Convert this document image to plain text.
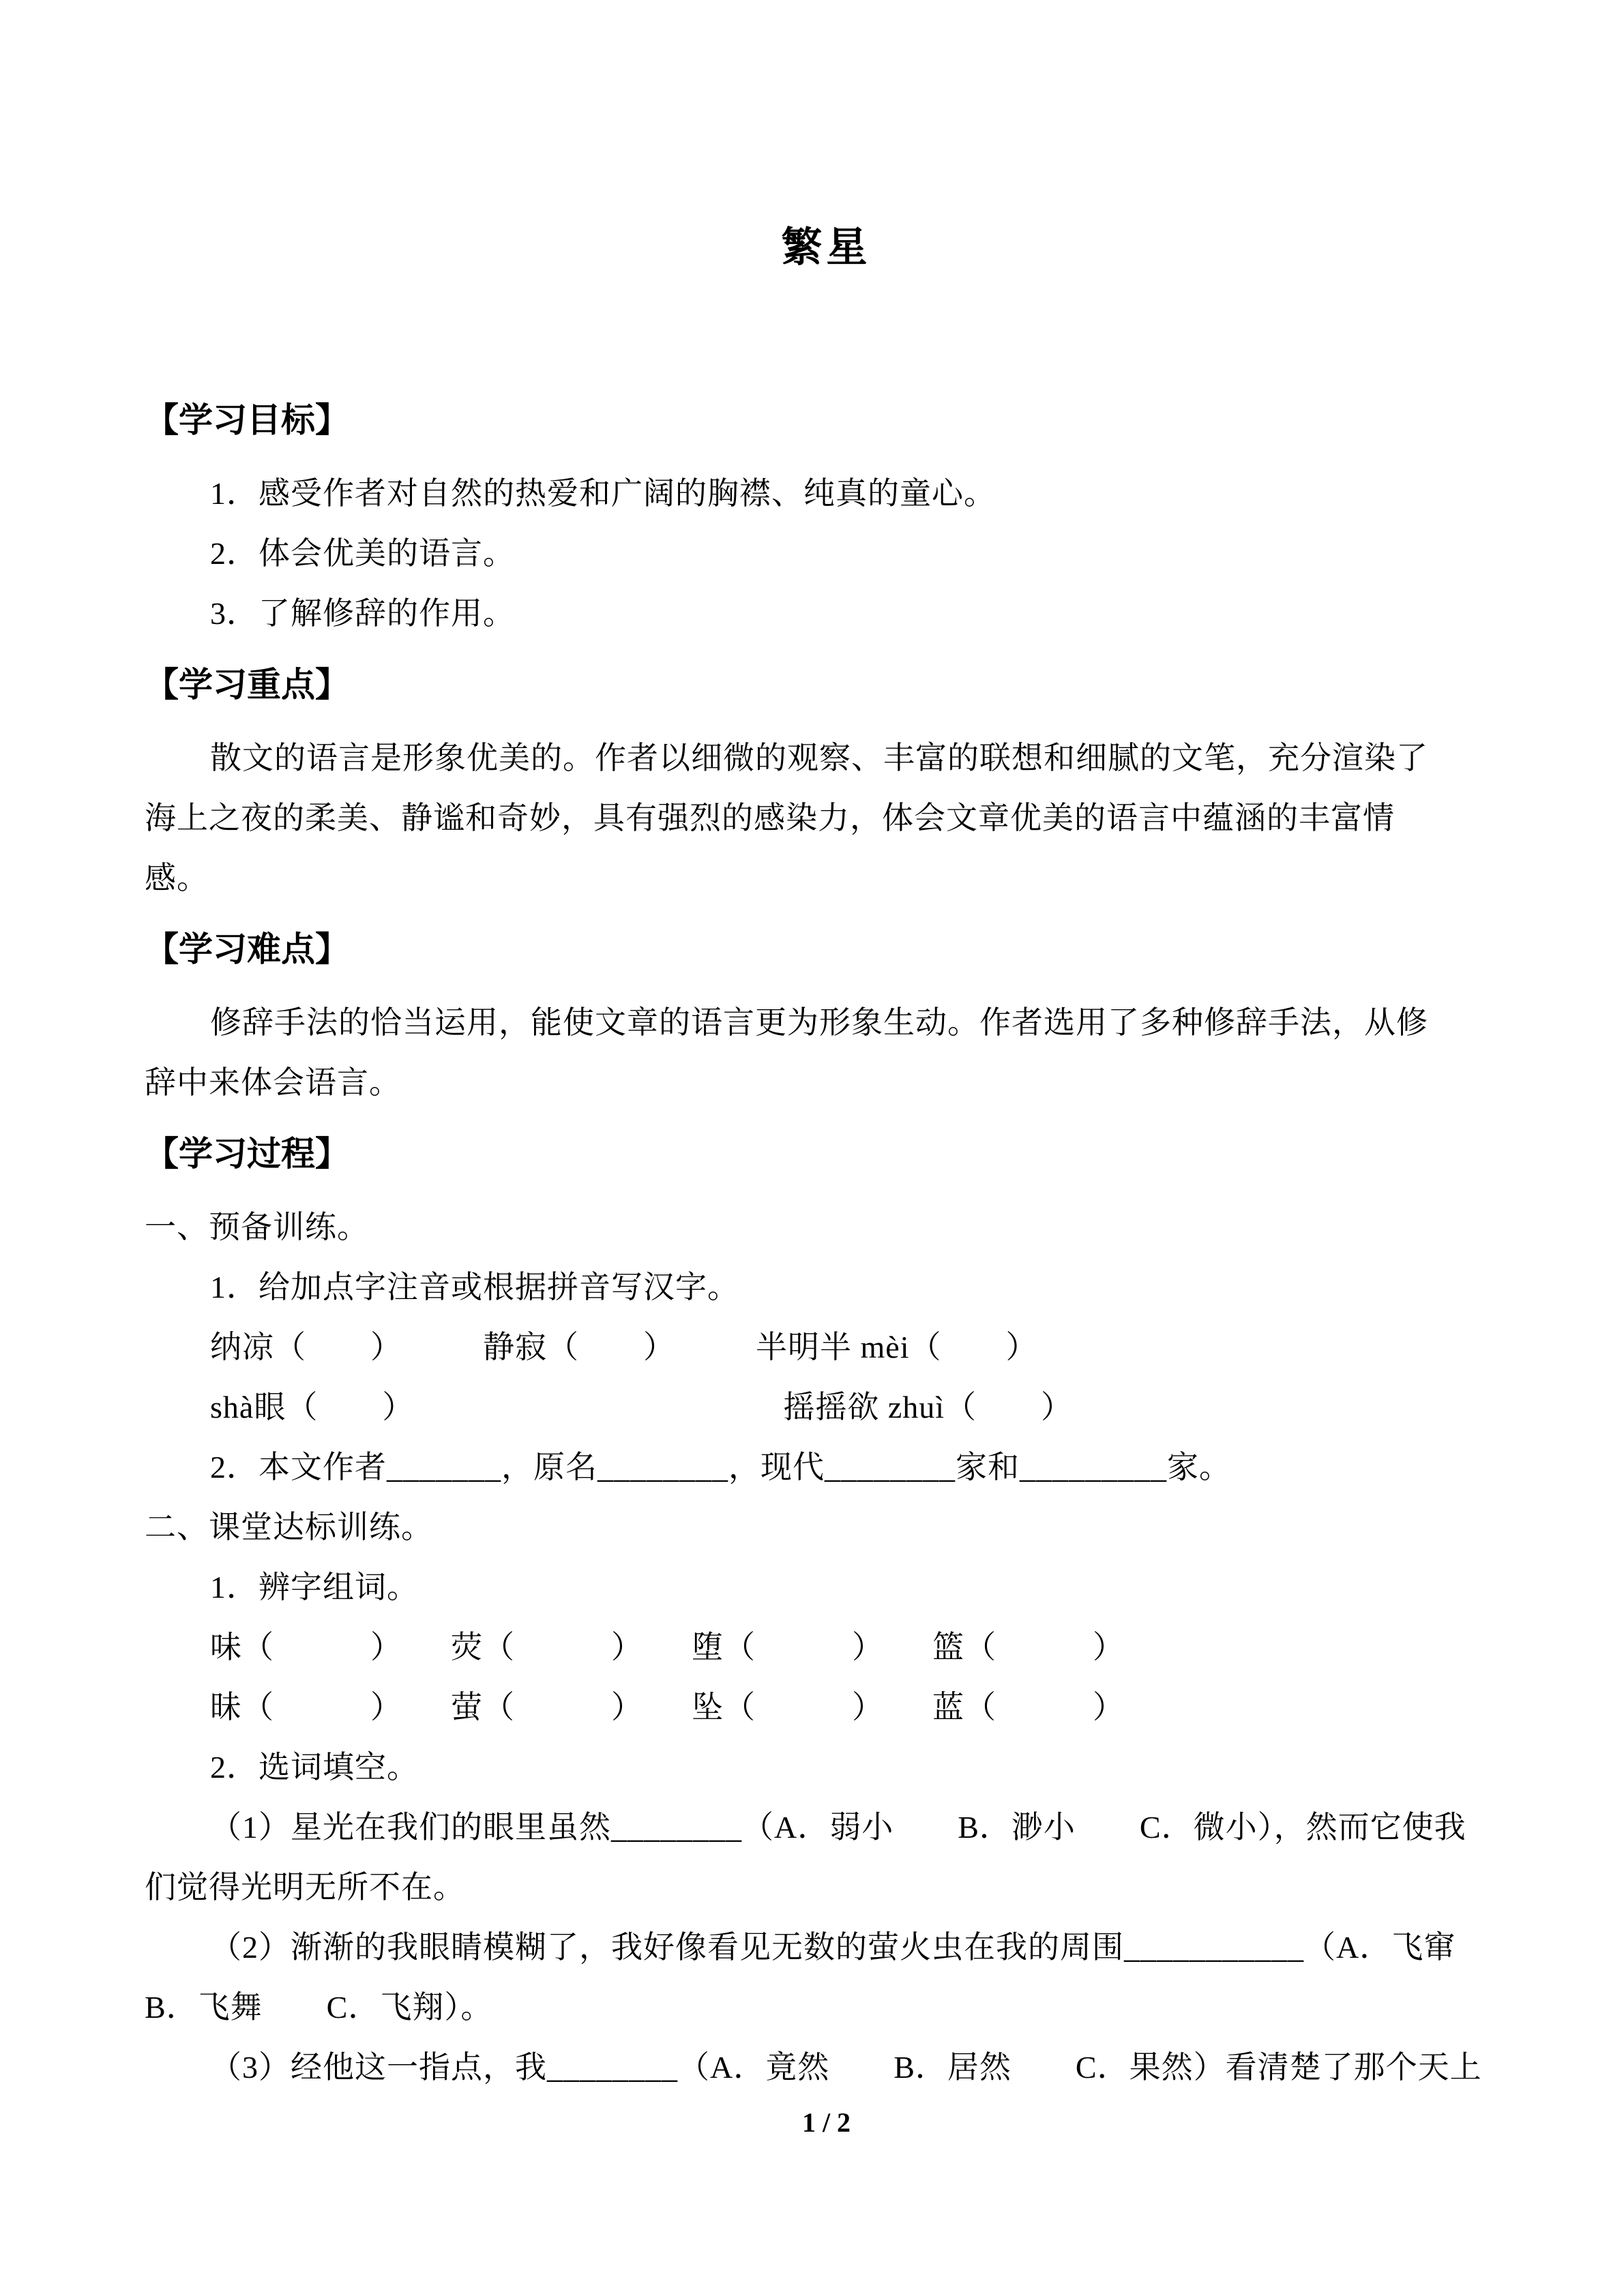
繁星

【学习目标】

1．感受作者对自然的热爱和广阔的胸襟、纯真的童心。

2．体会优美的语言。

3．了解修辞的作用。

【学习重点】

散文的语言是形象优美的。作者以细微的观察、丰富的联想和细腻的文笔，充分渲染了

海上之夜的柔美、静谧和奇妙，具有强烈的感染力，体会文章优美的语言中蕴涵的丰富情

感。

【学习难点】

修辞手法的恰当运用，能使文章的语言更为形象生动。作者选用了多种修辞手法，从修

辞中来体会语言。

【学习过程】

一、预备训练。

1．给加点字注音或根据拼音写汉字。

纳凉（　　）　　　静寂（　　）　　　半明半 mèi（　　）

shà眼（　　）　　　　　　　　　　　　摇摇欲 zhuì（　　）

2．本文作者_______，原名________，现代________家和_________家。

二、课堂达标训练。

1．辨字组词。

味（　　　）　　荧（　　　）　　堕（　　　）　　篮（　　　）

昧（　　　）　　萤（　　　）　　坠（　　　）　　蓝（　　　）

2．选词填空。

（1）星光在我们的眼里虽然________（A．弱小　　B．渺小　　C．微小），然而它使我

们觉得光明无所不在。

（2）渐渐的我眼睛模糊了，我好像看见无数的萤火虫在我的周围___________（A．飞窜

B．飞舞　　C．飞翔）。

（3）经他这一指点，我________（A．竟然　　B．居然　　C．果然）看清楚了那个天上

1 / 2
